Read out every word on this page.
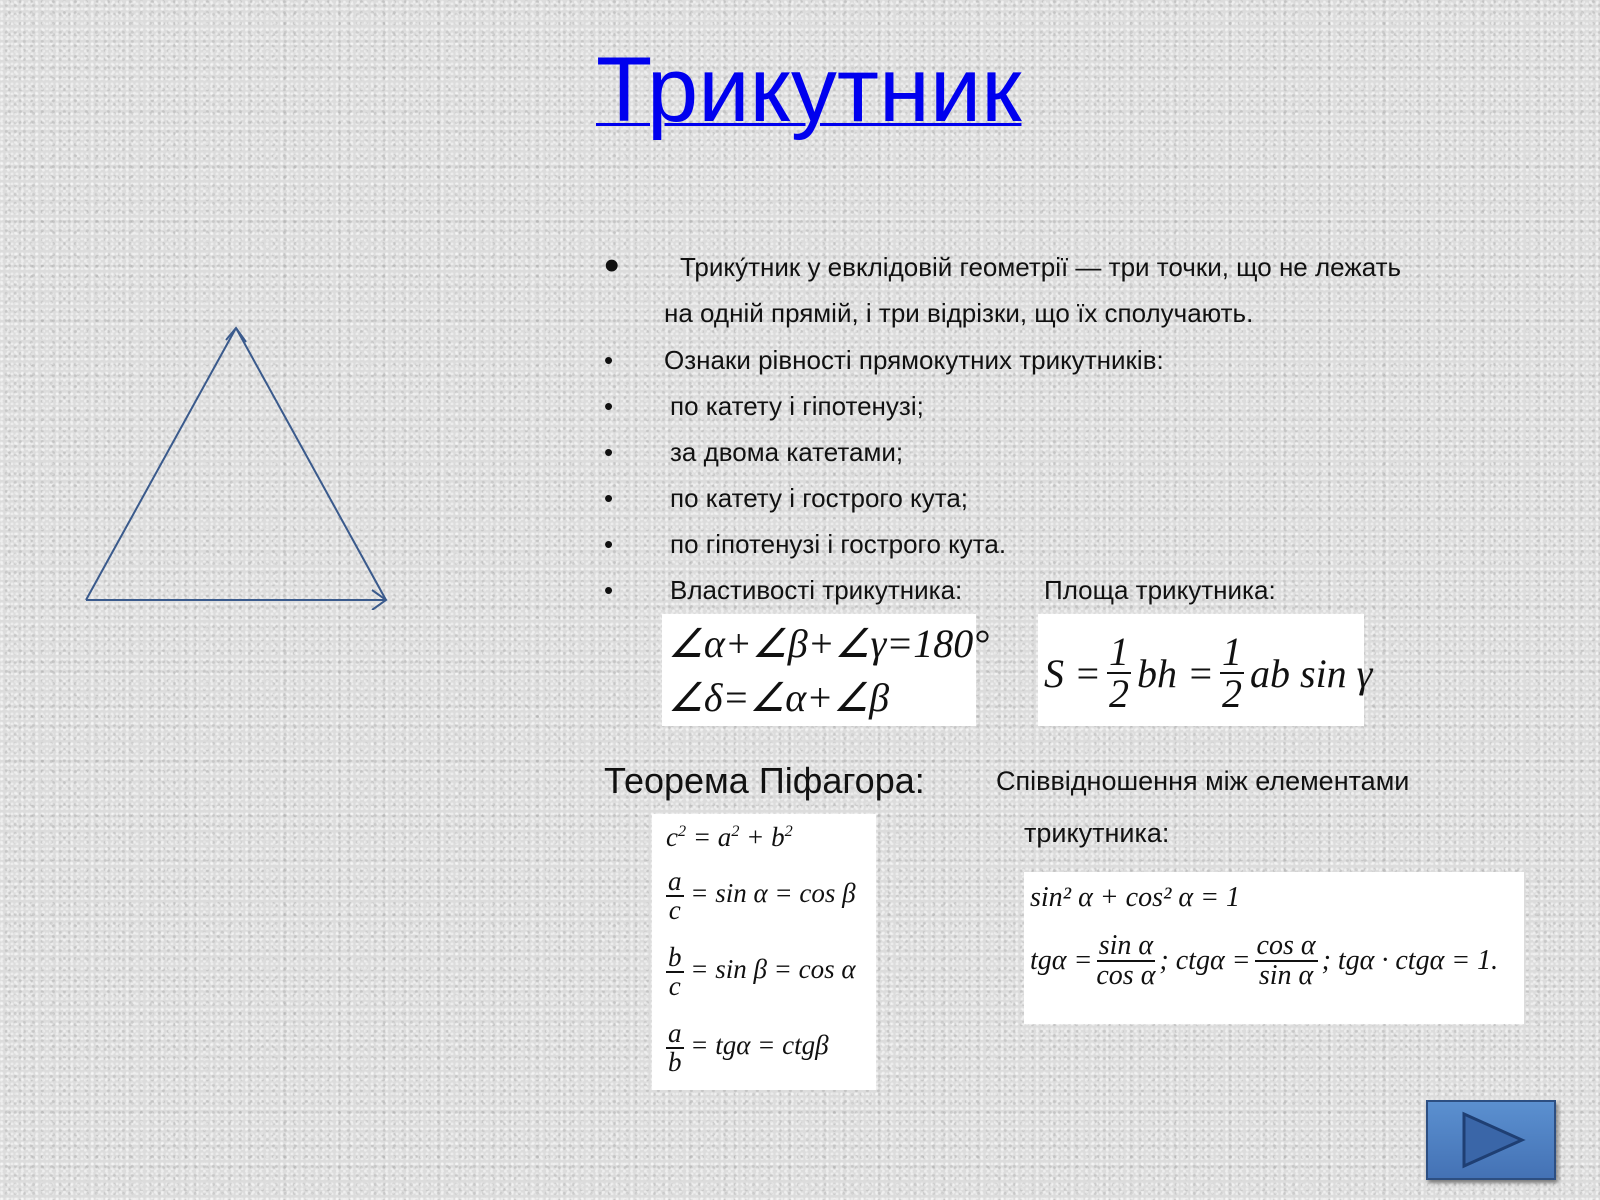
Трикутник
• Трику́тник у евклідовій геометрії — три точки, що не лежать
на одній прямій, і три відрізки, що їх сполучають.
• Ознаки рівності прямокутних трикутників:
• по катету і гіпотенузі;
• за двома катетами;
• по катету і гострого кута;
• по гіпотенузі і гострого кута.
• Властивості трикутника:	Площа трикутника:
∠α+∠β+∠γ=180°
∠δ=∠α+∠β
$S = \frac{1}{2}$ bh = $\frac{1}{2}$ ab sin γ
Теорема Піфагора:	Співвідношення між елементами
трикутника:
$c^2 = a^2 + b^2$
$\frac{a}{c} = \sin \alpha = \cos \beta$
$\frac{b}{c} = \sin \beta = \cos \alpha$
$\frac{a}{b} = tg\alpha = ctg\beta$
sin² α + cos² α = 1
$tg\alpha = \frac{\text{sin α}}{\text{cos α}}$ ; $ctg\alpha = \frac{\text{cos α}}{\text{sin α}}$ ; tgα · ctgα = 1.
